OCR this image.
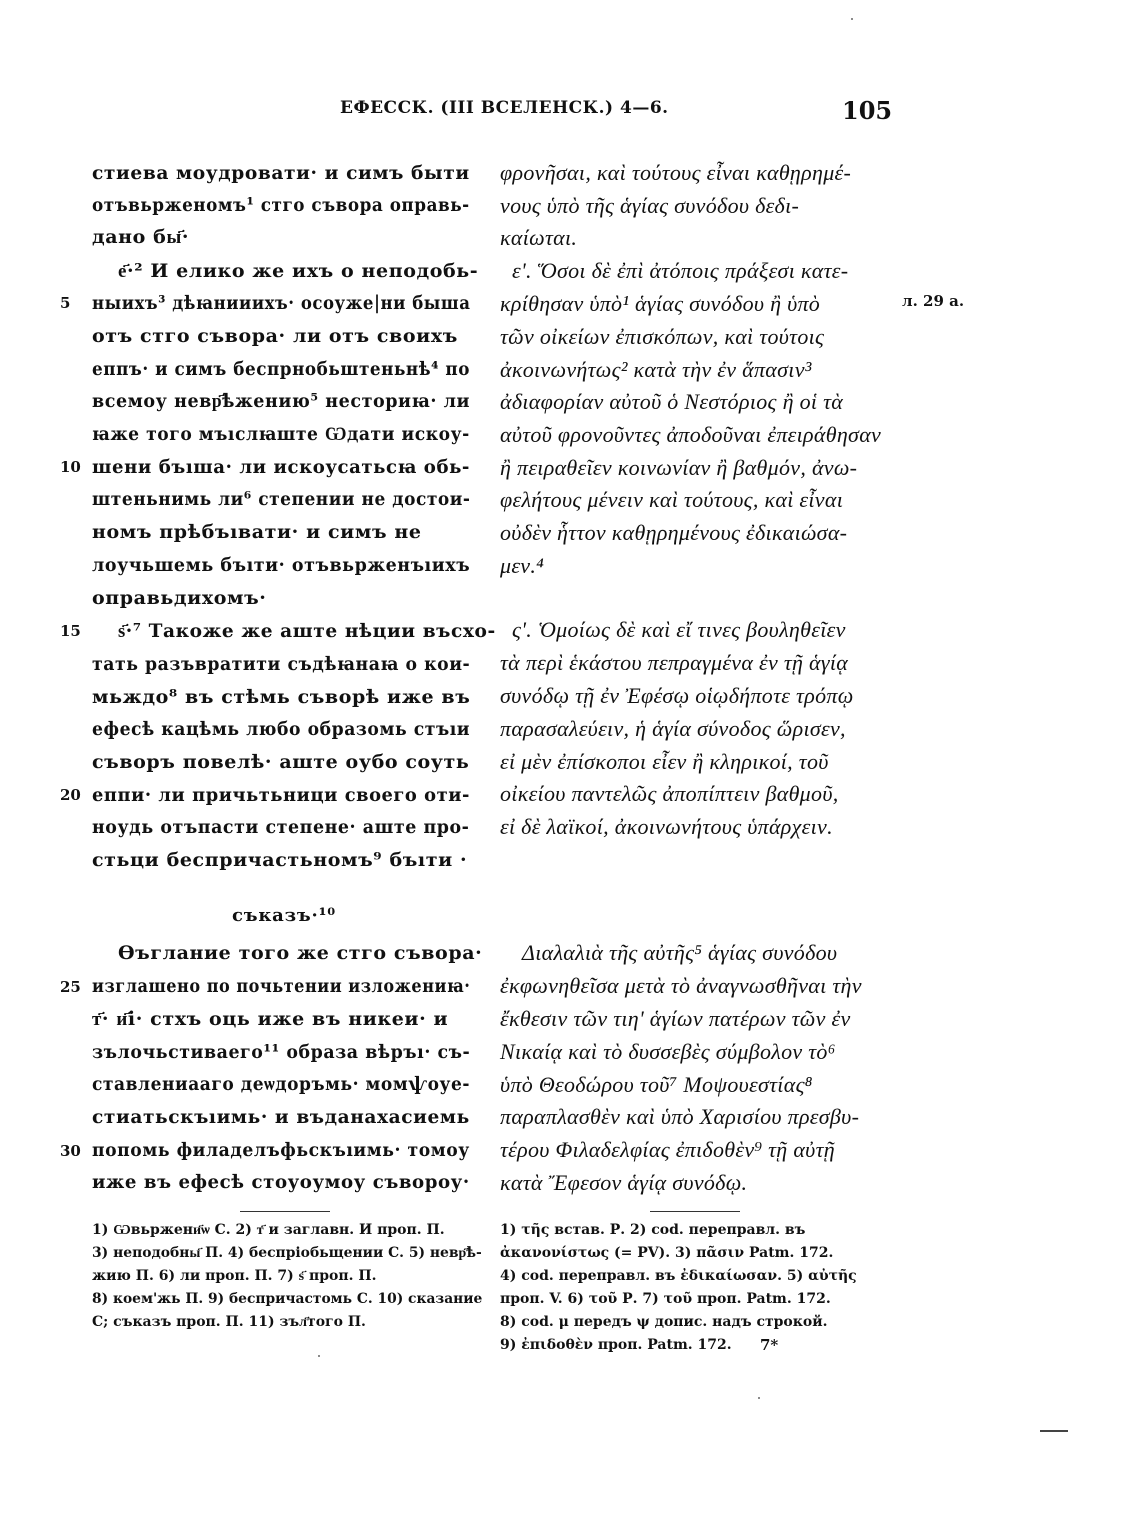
ЕФЕСCК. (III ВСЕЛЕНСК.) 4—6.	105
стиева моудровати· и симъ быти
отъвьрженомъ¹ стго съвора оправь-
дано бы҃·
е҃·² И елико же ихъ о неподобь-
ныихъ³ дѣꙗнииихъ· осоуже|ни быша
отъ стго съвора· ли отъ своихъ
еппъ· и симъ беспрнобьштеньнѣ⁴ по
всемоу невр҃ѣжению⁵ несториꙗ· ли
ꙗже того мъıслꙗште Ѡдати искоу-
шени бъıша· ли искоусатьсꙗ обь-
штеньнимь ли⁶ степении не достои-
номъ прѣбъıвати· и симъ не
лоучьшемь бъıти· отъвьрженъıихъ
оправьдихомъ·
ѕ҃·⁷ Такоже же аште нѣции въсхо-
тать разъвратити съдѣꙗнаꙗ о кои-
мьждо⁸ въ стѣмь съворѣ иже въ
ефесѣ кацѣмь любо образомь стъıи
съворъ повелѣ· аште оубо соуть
еппи· ли причьтьници своего оти-
ноудь отъпасти степене· аште про-
стьци беспричастьномъ⁹ бъıти ·
5
10
15
20
25
30
φρονῆσαι, καὶ τούτους εἶναι καθῃρημέ-
νους ὑπὸ τῆς ἁγίας συνόδου δεδι-
καίωται.
ε'. Ὅσοι δὲ ἐπὶ ἀτόποις πράξεσι κατε-
κρίθησαν ὑπὸ¹ ἁγίας συνόδου ἢ ὑπὸ
τῶν οἰκείων ἐπισκόπων, καὶ τούτοις
ἀκοινωνήτως² κατὰ τὴν ἐν ἅπασιν³
ἀδιαφορίαν αὐτοῦ ὁ Νεστόριος ἢ οἱ τὰ
αὐτοῦ φρονοῦντες ἀποδοῦναι ἐπειράθησαν
ἢ πειραθεῖεν κοινωνίαν ἢ βαθμόν, ἀνω-
φελήτους μένειν καὶ τούτους, καὶ εἶναι
οὐδὲν ἧττον καθῃρημένους ἐδικαιώσα-
μεν.⁴
ς'. Ὁμοίως δὲ καὶ εἴ τινες βουληθεῖεν
τὰ περὶ ἑκάστου πεπραγμένα ἐν τῇ ἁγίᾳ
συνόδῳ τῇ ἐν Ἐφέσῳ οἱῳδήποτε τρόπῳ
παρασαλεύειν, ἡ ἁγία σύνοδος ὥρισεν,
εἰ μὲν ἐπίσκοποι εἶεν ἢ κληρικοί, τοῦ
οἰκείου παντελῶς ἀποπίπτειν βαθμοῦ,
εἰ δὲ λαϊκοί, ἀκοινωνήτους ὑπάρχειν.
л. 29 а.
съказъ·¹⁰
Ѳъглание того же стго съвора·
изглашено по почьтении изложениꙗ·
т҃· и҃і· стхъ оць иже въ никеи· и
зълочьстиваего¹¹ образа вѣръı· съ-
ставлениааго деѡдоръмь· момѱоуе-
стиатьскъıимь· и въданахасиемь
попомь филаделъфьскъıимь· томоу
иже въ ефесѣ стоуоумоу съвороу·
Διαλαλιὰ τῆς αὐτῆς⁵ ἁγίας συνόδου
ἐκφωνηθεῖσα μετὰ τὸ ἀναγνωσθῆναι τὴν
ἔκθεσιν τῶν τιη' ἁγίων πατέρων τῶν ἐν
Νικαίᾳ καὶ τὸ δυσσεβὲς σύμβολον τὸ⁶
ὑπὸ Θεοδώρου τοῦ⁷ Μοψουεστίας⁸
παραπλασθὲν καὶ ὑπὸ Χαρισίου πρεσβυ-
τέρου Φιλαδελφίας ἐπιδοθὲν⁹ τῇ αὐτῇ
κατὰ Ἔφεσον ἁγίᾳ συνόδῳ.
1) Ѡвьржени҃ѡ С. 2) т҃ и заглавн. И проп. П.
3) неподобны҃ П. 4) беспріобьщении С. 5) невр҃ѣ-
жию П. 6) ли проп. П. 7) ѕ҃ проп. П.
8) коем'жь П. 9) беспричастомь С. 10) сказание
С; съказъ проп. П. 11) зъл҃того П.
1) τῆς встав. Р. 2) cod. переправл. въ
ἀκανονίστως (= PV). 3) πᾶσιν Patm. 172.
4) cod. переправл. въ ἐδικαίωσαν. 5) αὐτῆς
проп. V. 6) τοῦ Р. 7) τοῦ проп. Patm. 172.
8) cod. μ передъ ψ допис. надъ строкой.
9) ἐπιδοθὲν проп. Patm. 172. 7*
